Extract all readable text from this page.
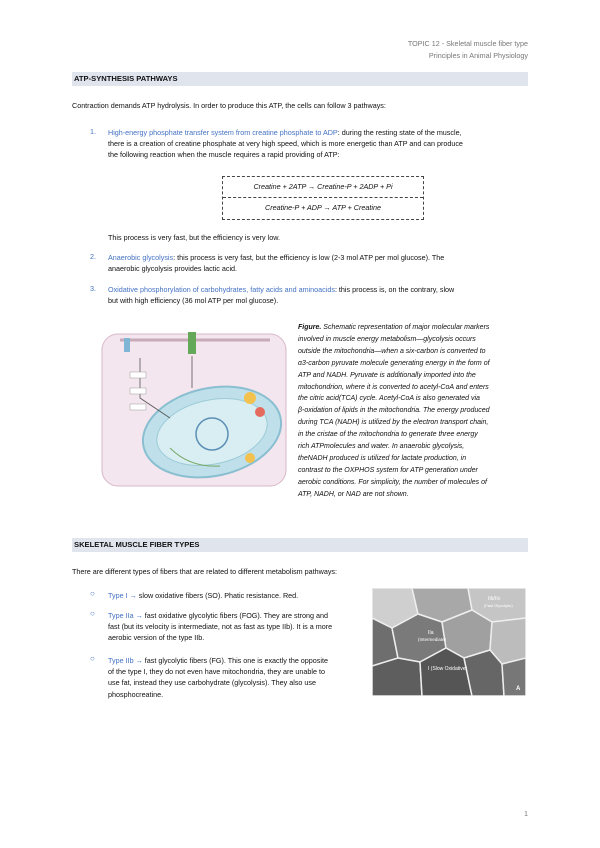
TOPIC 12 - Skeletal muscle fiber type
Principles in Animal Physiology
ATP-SYNTHESIS PATHWAYS
Contraction demands ATP hydrolysis. In order to produce this ATP, the cells can follow 3 pathways:
1. High-energy phosphate transfer system from creatine phosphate to ADP: during the resting state of the muscle,
there is a creation of creatine phosphate at very high speed, which is more energetic than ATP and can produce
the following reaction when the muscle requires a rapid providing of ATP:
Creatine + 2ATP → Creatine-P + 2ADP + Pi
Creatine-P + ADP → ATP + Creatine
This process is very fast, but the efficiency is very low.
2. Anaerobic glycolysis: this process is very fast, but the efficiency is low (2-3 mol ATP per mol glucose). The
anaerobic glycolysis provides lactic acid.
3. Oxidative phosphorylation of carbohydrates, fatty acids and aminoacids: this process is, on the contrary, slow
but with high efficiency (36 mol ATP per mol glucose).
Figure. Schematic representation of major molecular markers
involved in muscle energy metabolism—glycolysis occurs
outside the mitochondria—when a six-carbon is converted to
α3-carbon pyruvate molecule generating energy in the form of
ATP and NADH. Pyruvate is additionally imported into the
mitochondrion, where it is converted to acetyl-CoA and enters
the citric acid(TCA) cycle. Acetyl-CoA is also generated via
β-oxidation of lipids in the mitochondria. The energy produced
during TCA (NADH) is utilized by the electron transport chain,
in the cristae of the mitochondria to generate three energy
rich ATPmolecules and water. In anaerobic glycolysis,
theNADH produced is utilized for lactate production, in
contrast to the OXPHOS system for ATP generation under
aerobic conditions. For simplicity, the number of molecules of
ATP, NADH, or NAD are not shown.
SKELETAL MUSCLE FIBER TYPES
There are different types of fibers that are related to different metabolism pathways:
○ Type I → slow oxidative fibers (SO). Phatic resistance. Red.
○ Type IIa → fast oxidative glycolytic fibers (FOG). They are strong and
fast (but its velocity is intermediate, not as fast as type IIb). It is a more
aerobic version of the type IIb.
○ Type IIb → fast glycolytic fibers (FG). This one is exactly the opposite
of the type I, they do not even have mitochondria, they are unable to
use fat, instead they use carbohydrate (glycolysis). They also use
phosphocreatine.
IIb/IIx
(Fast Glycolytic)
IIa
(Intermediate)
I (Slow Oxidative)
A
1
